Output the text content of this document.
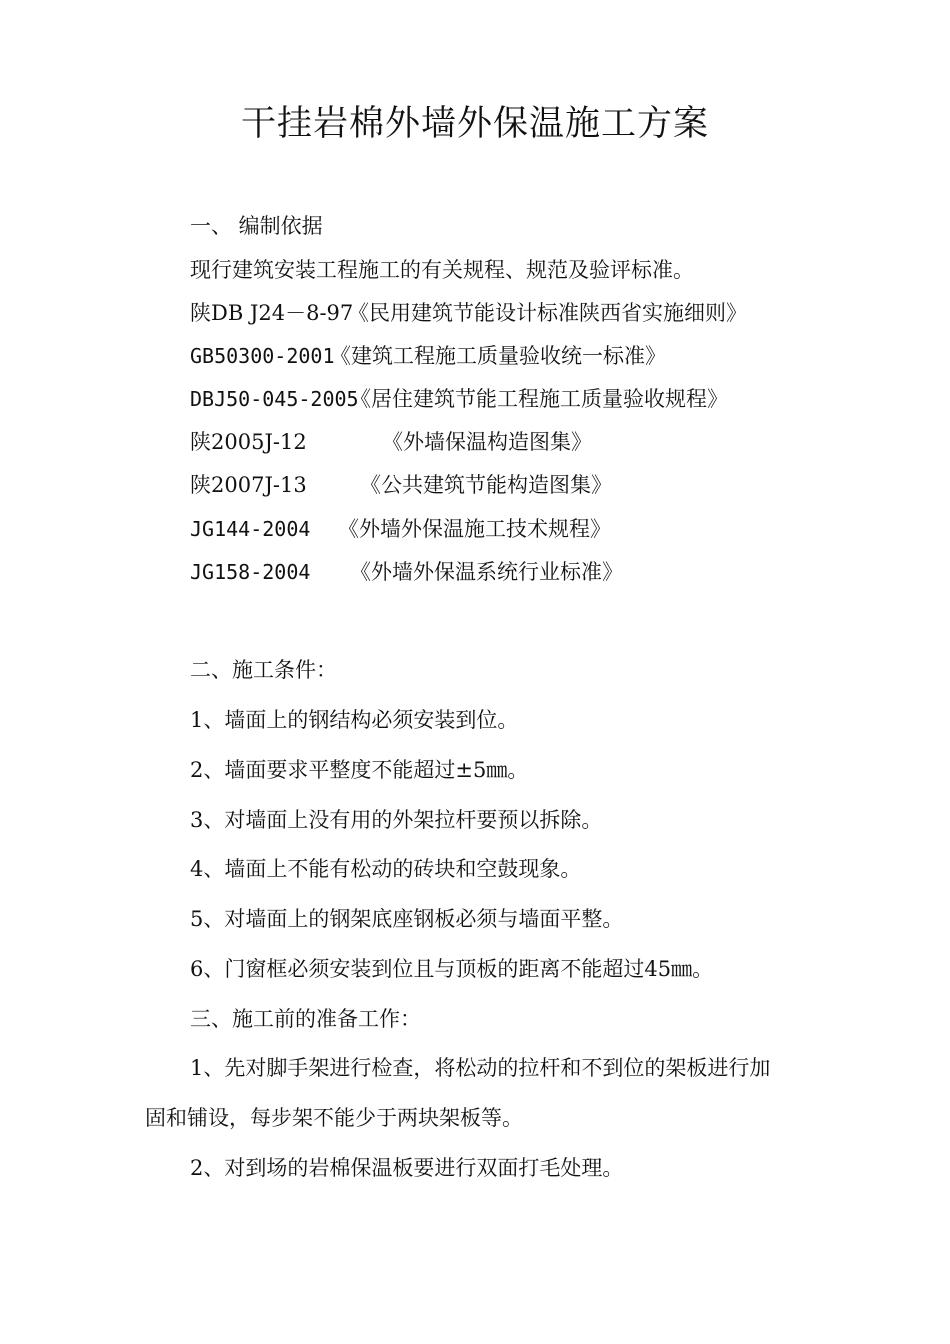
干挂岩棉外墙外保温施工方案
一、 编制依据
现行建筑安装工程施工的有关规程、规范及验评标准。
陕DB J24－8-97
《民用建筑节能设计标准陕西省实施细则》
GB50300-2001
《建筑工程施工质量验收统一标准》
DBJ50-045-2005
《居住建筑节能工程施工质量验收规程》
陕2005J-12	《外墙保温构造图集》
陕2007J-13	《公共建筑节能构造图集》
JG144-2004 《外墙外保温施工技术规程》
JG158-2004 《外墙外保温系统行业标准》
二、施工条件：
1、墙面上的钢结构必须安装到位。
2、墙面要求平整度不能超过±5㎜。
3、对墙面上没有用的外架拉杆要预以拆除。
4、墙面上不能有松动的砖块和空鼓现象。
5、对墙面上的钢架底座钢板必须与墙面平整。
6、门窗框必须安装到位且与顶板的距离不能超过45㎜。
三、施工前的准备工作：
1、先对脚手架进行检查，将松动的拉杆和不到位的架板进行加
固和铺设，每步架不能少于两块架板等。
2、对到场的岩棉保温板要进行双面打毛处理。
